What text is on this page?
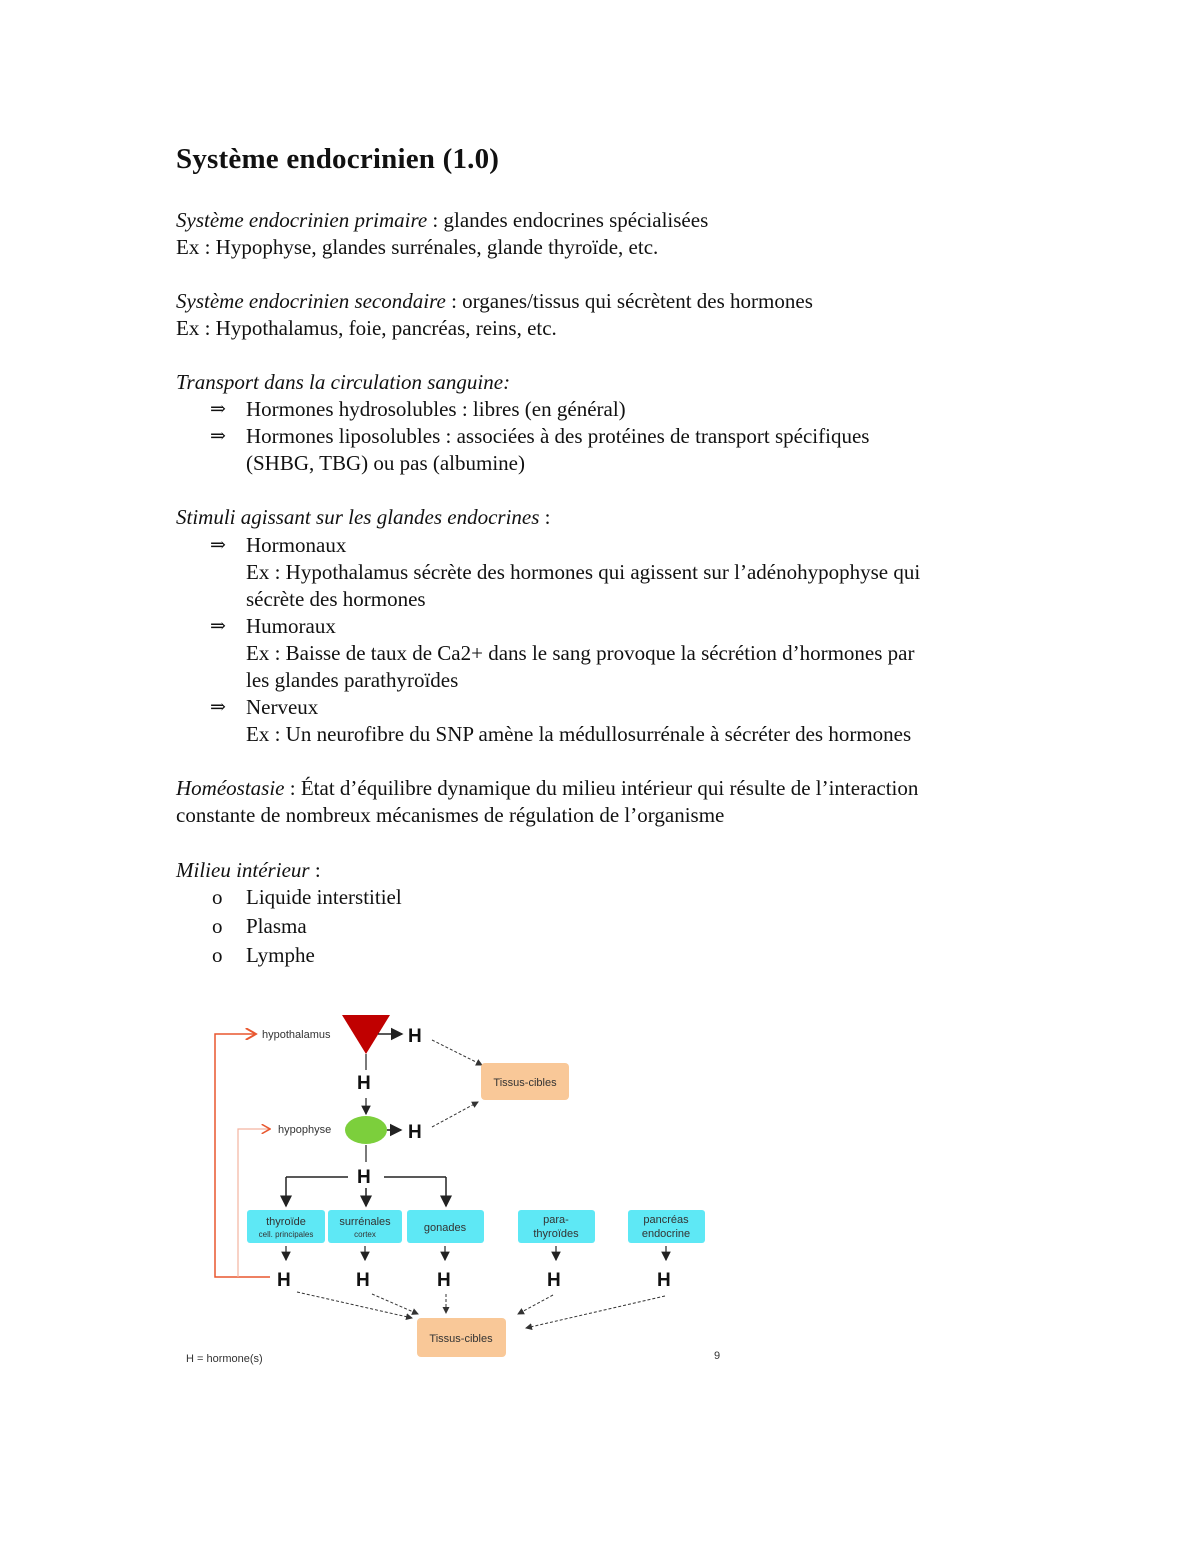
Système endocrinien (1.0)
Système endocrinien primaire : glandes endocrines spécialisées
Ex : Hypophyse, glandes surrénales, glande thyroïde, etc.
Système endocrinien secondaire : organes/tissus qui sécrètent des hormones
Ex : Hypothalamus, foie, pancréas, reins, etc.
Transport dans la circulation sanguine:
⇒ Hormones hydrosolubles : libres (en général)
⇒ Hormones liposolubles : associées à des protéines de transport spécifiques
(SHBG, TBG) ou pas (albumine)
Stimuli agissant sur les glandes endocrines :
⇒ Hormonaux
Ex : Hypothalamus sécrète des hormones qui agissent sur l’adénohypophyse qui
sécrète des hormones
⇒ Humoraux
Ex : Baisse de taux de Ca2+ dans le sang provoque la sécrétion d’hormones par
les glandes parathyroïdes
⇒ Nerveux
Ex : Un neurofibre du SNP amène la médullosurrénale à sécréter des hormones
Homéostasie : État d’équilibre dynamique du milieu intérieur qui résulte de l’interaction
constante de nombreux mécanismes de régulation de l’organisme
Milieu intérieur :
o Liquide interstitiel
o Plasma
o Lymphe
hypothalamus	H
H	Tissus-cibles
hypophyse	H
H
thyroïde
cell. principales
surrénales
cortex
gonades
para-
thyroïdes
pancréas
endocrine
H	H	H	H	H
Tissus-cibles
H = hormone(s)	9
